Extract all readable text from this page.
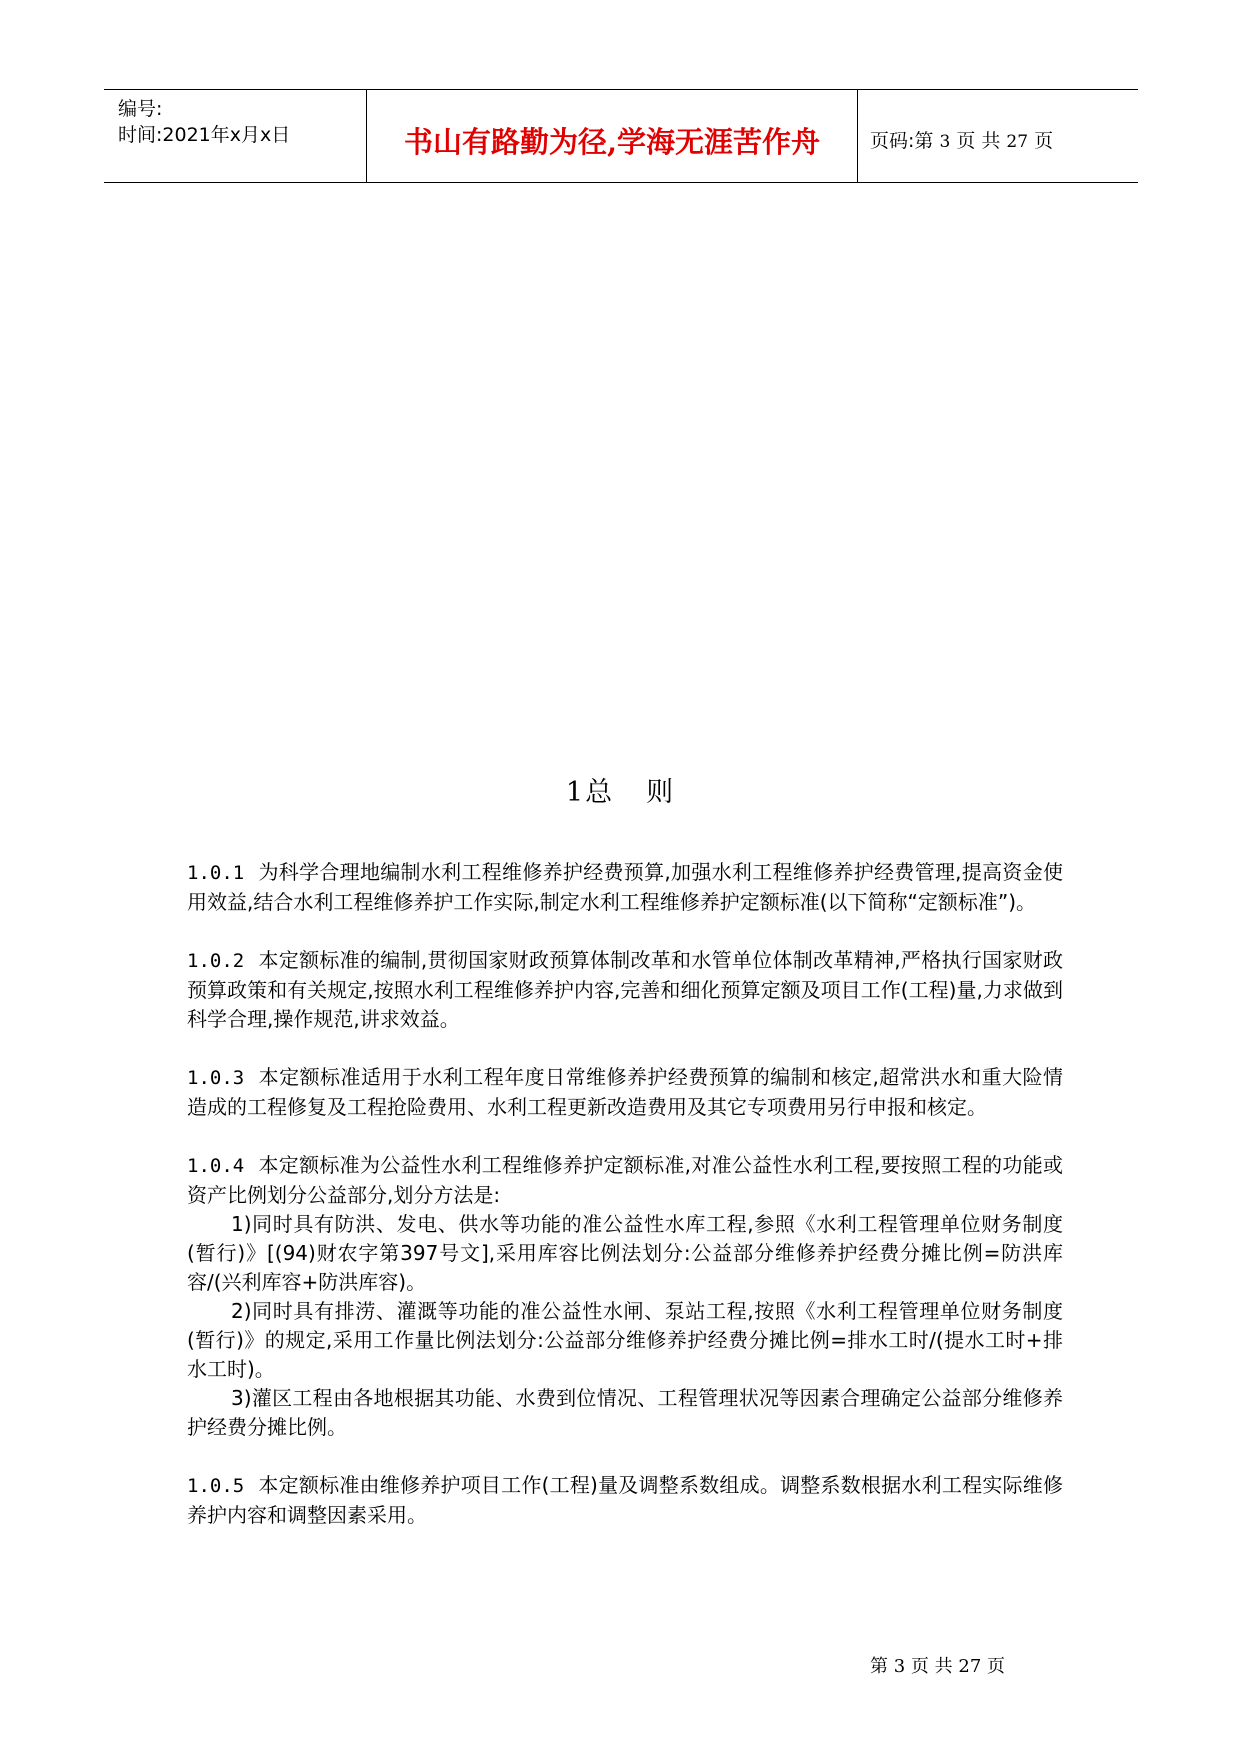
编号:
时间:2021年x月x日	书山有路勤为径,学海无涯苦作舟	页码:第 3 页 共 27 页
1总 则

1.0.1 为科学合理地编制水利工程维修养护经费预算,加强水利工程维修养护经费管理,提高资金使用效益,结合水利工程维修养护工作实际,制定水利工程维修养护定额标准(以下简称“定额标准”)。

1.0.2 本定额标准的编制,贯彻国家财政预算体制改革和水管单位体制改革精神,严格执行国家财政预算政策和有关规定,按照水利工程维修养护内容,完善和细化预算定额及项目工作(工程)量,力求做到科学合理,操作规范,讲求效益。

1.0.3 本定额标准适用于水利工程年度日常维修养护经费预算的编制和核定,超常洪水和重大险情造成的工程修复及工程抢险费用、水利工程更新改造费用及其它专项费用另行申报和核定。

1.0.4 本定额标准为公益性水利工程维修养护定额标准,对准公益性水利工程,要按照工程的功能或资产比例划分公益部分,划分方法是:

1)同时具有防洪、发电、供水等功能的准公益性水库工程,参照《水利工程管理单位财务制度(暂行)》[(94)财农字第397号文],采用库容比例法划分:公益部分维修养护经费分摊比例=防洪库容/(兴利库容+防洪库容)。

2)同时具有排涝、灌溉等功能的准公益性水闸、泵站工程,按照《水利工程管理单位财务制度(暂行)》的规定,采用工作量比例法划分:公益部分维修养护经费分摊比例=排水工时/(提水工时+排水工时)。

3)灌区工程由各地根据其功能、水费到位情况、工程管理状况等因素合理确定公益部分维修养护经费分摊比例。

1.0.5 本定额标准由维修养护项目工作(工程)量及调整系数组成。调整系数根据水利工程实际维修养护内容和调整因素采用。

第 3 页 共 27 页
